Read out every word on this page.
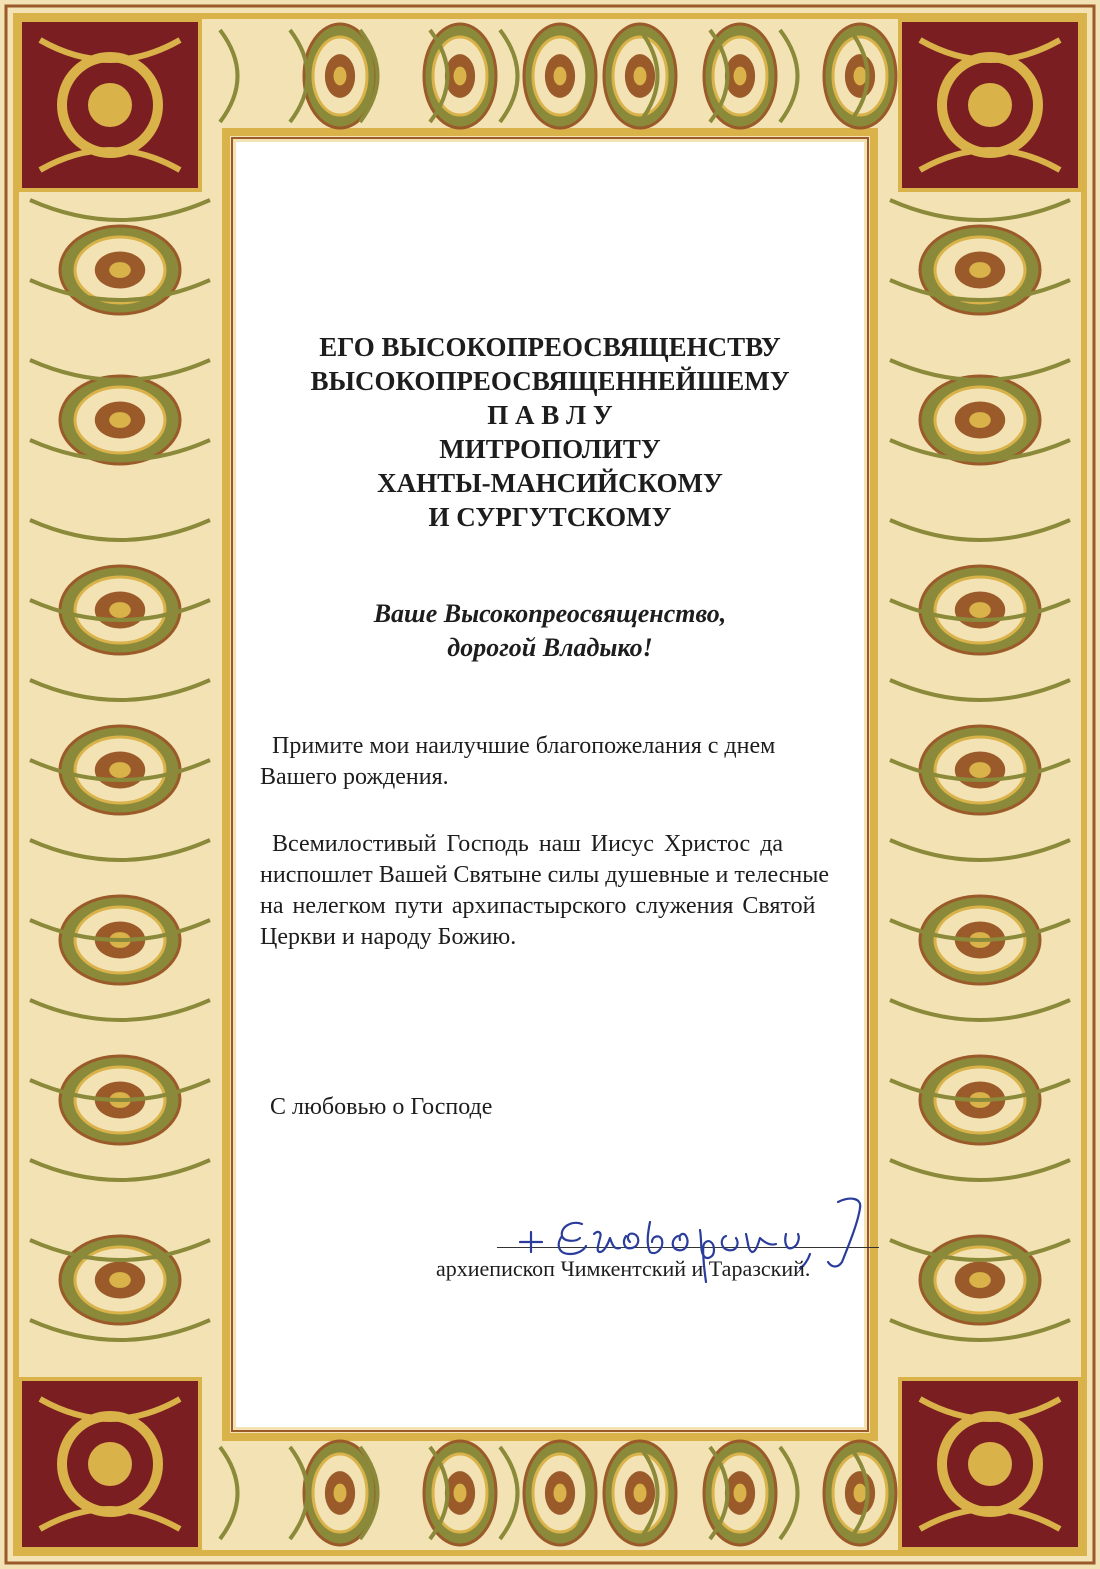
ЕГО ВЫСОКОПРЕОСВЯЩЕНСТВУ
ВЫСОКОПРЕОСВЯЩЕННЕЙШЕМУ
П А В Л У
МИТРОПОЛИТУ
ХАНТЫ-МАНСИЙСКОМУ
И СУРГУТСКОМУ
Ваше Высокопреосвященство,
дорогой Владыко!
Примите мои наилучшие благопожелания с днем
Вашего рождения.
Всемилостивый Господь наш Иисус Христос да
ниспошлет Вашей Святыне силы душевные и телесные
на нелегком пути архипастырского служения Святой
Церкви и народу Божию.
С любовью о Господе
архиепископ Чимкентский и Таразский.
